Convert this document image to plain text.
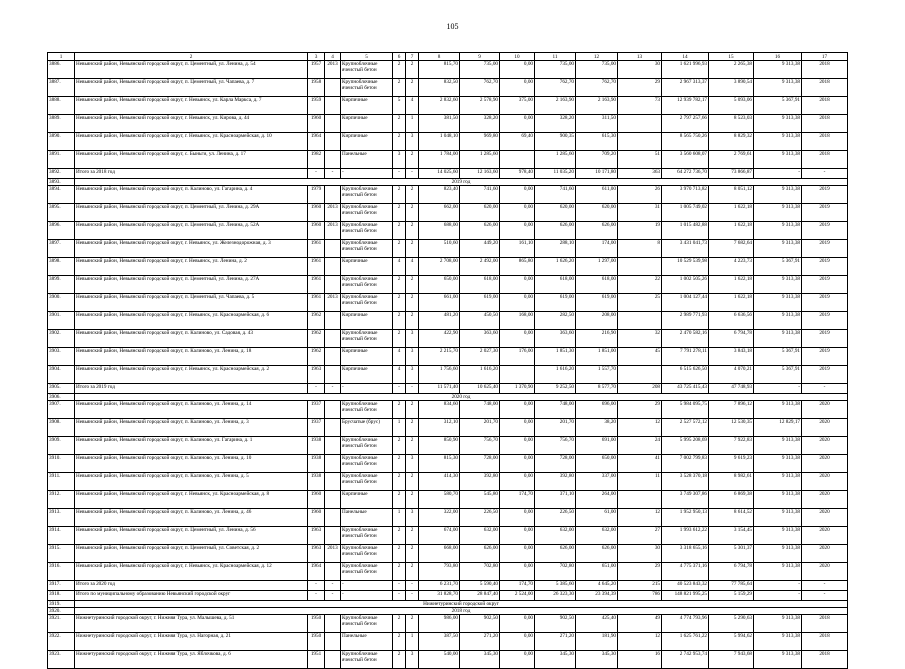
105
1	2	3	4	5	6	7	8	9	10	11	12	13	14	15	16	17
3886.	Невьянский район, Невьянский городской округ, п. Цементный, ул. Ленина, д. 54	1957	2013	Крупноблочные ячеистый бетон	2	2	815,70	735,00	0,00	735,00	735,00	30	1 621 996,93	2 265,38	9 313,38	2018
3887.	Невьянский район, Невьянский городской округ, п. Цементный, ул. Чапаева, д. 7	1958		Крупноблочные ячеистый бетон	2	2	832,50	762,70	0,00	762,70	762,70	29	2 967 313,37	3 890,54	9 313,38	2018
3888.	Невьянский район, Невьянский городской округ, г. Невьянск, ул. Карла Маркса, д. 7	1959		Кирпичные	5	4	2 832,60	2 578,90	375,00	2 163,90	2 163,90	73	12 939 782,17	5 093,06	5 367,91	2018
3889.	Невьянский район, Невьянский городской округ, г. Невьянск, ул. Кирова, д. 44	1960		Кирпичные	2	1	381,50	328,20	0,00	328,20	311,50		2 797 257,66	8 523,03	9 313,38	2018
3890.	Невьянский район, Невьянский городской округ, г. Невьянск, ул. Красноармейская, д. 10	1964		Кирпичные	2	3	1 048,10	969,80	69,40	900,35	615,30		8 565 750,26	8 829,32	9 313,38	2018
3891.	Невьянский район, Невьянский городской округ, с. Быньги, ул. Ленина, д. 17	1982		Панельные	3	2	1 784,00	1 285,60		1 285,60	709,20	51	3 560 608,07	2 769,61	9 313,38	2018
3892.	Итого за 2018 год	-	-	-	-	-	14 025,60	12 163,60	978,40	11 035,20	10 171,80	363	64 272 736,70	73 866,87	-	-
3893.	2019 год															
3894.	Невьянский район, Невьянский городской округ, п. Калиново, ул. Гагарина, д. 4	1979		Крупноблочные ячеистый бетон	2	2	823,40	741,60	0,00	741,60	611,00	26	3 970 713,82	8 051,12	9 313,38	2019
3895.	Невьянский район, Невьянский городской округ, п. Цементный, ул. Ленина, д. 29А	1960	2013	Крупноблочные ячеистый бетон	2	2	662,00	620,00	0,00	620,00	620,00	31	1 005 749,02	1 622,18	9 313,38	2019
3896.	Невьянский район, Невьянский городской округ, п. Цементный, ул. Ленина, д. 52А	1960	2013	Крупноблочные ячеистый бетон	2	2	688,00	626,00	0,00	626,00	626,00	19	1 015 482,88	1 622,18	9 313,38	2019
3897.	Невьянский район, Невьянский городской округ, г. Невьянск, ул. Железнодорожная, д. 3	1961		Крупноблочные ячеистый бетон	2	2	510,60	449,20	161,10	288,10	174,00	8	3 431 041,73	7 682,64	9 313,38	2019
3898.	Невьянский район, Невьянский городской округ, г. Невьянск, ул. Ленина, д. 2	1961		Кирпичные	4	4	2 708,00	2 492,00	865,80	1 626,20	1 297,00		10 529 539,98	4 223,73	5 367,91	2019
3899.	Невьянский район, Невьянский городской округ, п. Цементный, ул. Ленина, д. 27А	1961		Крупноблочные ячеистый бетон	2	2	650,00	618,00	0,00	618,00	618,00	22	1 002 505,26	1 622,18	9 313,38	2019
3900.	Невьянский район, Невьянский городской округ, п. Цементный, ул. Чапаева, д. 5	1961	2013	Крупноблочные ячеистый бетон	2	2	661,00	619,00	0,00	619,00	619,00	25	1 004 127,44	1 622,18	9 313,38	2019
3901.	Невьянский район, Невьянский городской округ, г. Невьянск, ул. Красноармейская, д. 6	1962		Кирпичные	2	2	481,20	450,50	168,00	282,50	208,00		2 989 771,93	6 636,56	9 313,38	2019
3902.	Невьянский район, Невьянский городской округ, п. Калиново, ул. Садовая, д. 43	1962		Крупноблочные ячеистый бетон	2	3	422,90	363,60	0,00	363,60	216,90	32	2 470 582,16	6 794,78	9 313,38	2019
3903.	Невьянский район, Невьянский городской округ, п. Калиново, ул. Ленина, д. 18	1962		Кирпичные	4	3	2 215,70	2 027,30	176,00	1 851,30	1 851,00	45	7 791 278,11	3 843,18	5 367,91	2019
3904.	Невьянский район, Невьянский городской округ, г. Невьянск, ул. Красноармейская, д. 2	1963		Кирпичные	4	3	1 756,60	1 616,20		1 616,20	1 557,70		6 515 626,50	4 070,21	5 367,91	2019
3905.	Итого за 2019 год	-	-	-	-	-	11 571,40	10 625,40	1 370,90	9 252,50	8 577,70	208	43 725 415,43	47 748,93	-	-
3906.	2020 год															
3907.	Невьянский район, Невьянский городской округ, п. Калиново, ул. Ленина, д. 14	1937		Крупноблочные ячеистый бетон	2	2	834,60	748,00	0,00	748,00	696,00	29	5 984 095,75	7 896,12	9 313,38	2020
3908.	Невьянский район, Невьянский городской округ, п. Калиново, ул. Ленина, д. 3	1937		Брусчатые (брус)	1	2	312,10	201,70	0,00	201,70	38,20	12	2 527 572,12	12 530,35	12 829,17	2020
3909.	Невьянский район, Невьянский городской округ, п. Калиново, ул. Гагарина, д. 1	1938		Крупноблочные ячеистый бетон	2	2	850,90	756,70	0,00	756,70	691,00	24	5 995 208,69	7 922,83	9 313,38	2020
3910.	Невьянский район, Невьянский городской округ, п. Калиново, ул. Ленина, д. 10	1938		Крупноблочные ячеистый бетон	2	3	815,30	728,00	0,00	728,00	650,00	41	7 002 799,83	9 619,23	9 313,38	2020
3911.	Невьянский район, Невьянский городской округ, п. Калиново, ул. Ленина, д. 5	1938		Крупноблочные ячеистый бетон	2	2	414,30	392,80	0,00	392,80	337,00	11	3 528 370,18	8 982,61	9 313,38	2020
3912.	Невьянский район, Невьянский городской округ, г. Невьянск, ул. Красноармейская, д. 8	1960		Кирпичные	2	2	580,70	545,80	174,70	371,10	264,00		3 749 307,86	6 869,38	9 313,38	2020
3913.	Невьянский район, Невьянский городской округ, п. Калиново, ул. Ленина, д. 46	1960		Панельные	1	3	322,00	226,50	0,00	226,50	61,00	12	1 952 950,13	8 614,52	9 313,38	2020
3914.	Невьянский район, Невьянский городской округ, п. Цементный, ул. Ленина, д. 56	1963		Крупноблочные ячеистый бетон	2	2	674,00	632,00	0,00	632,00	632,00	27	1 993 612,22	3 154,45	9 313,38	2020
3915.	Невьянский район, Невьянский городской округ, п. Цементный, ул. Советская, д. 2	1963	2013	Крупноблочные ячеистый бетон	2	2	668,00	626,00	0,00	626,00	626,00	30	3 318 655,16	5 301,37	9 313,38	2020
3916.	Невьянский район, Невьянский городской округ, г. Невьянск, ул. Красноармейская, д. 12	1964		Крупноблочные ячеистый бетон	2	2	793,80	702,80	0,00	702,80	651,00	29	4 775 371,16	6 794,78	9 313,38	2020
3917.	Итого за 2020 год	-	-	-	-	-	6 231,70	5 590,40	174,70	5 385,60	4 645,20	215	40 523 843,32	77 785,64	-	-
3918.	Итого по муниципальному образованию Невьянский городской округ	-	-	-	-	-	31 828,70	28 847,40	2 524,00	26 323,30	23 394,39	786	148 821 995,25	5 159,29	-	-
3919.	Нижнетуринский городской округ															
3920.	2018 год															
3921.	Нижнетуринский городской округ, г. Нижняя Тура, ул. Малышева, д. 51	1950		Крупноблочные ячеистый бетон	2	2	986,00	902,50	0,00	902,50	425,40	49	4 774 793,96	5 290,63	9 313,38	2018
3922.	Нижнетуринский городской округ, г. Нижняя Тура, ул. Нагорная, д. 21	1950		Панельные	2	1	387,50	271,20	0,00	271,20	181,90	12	1 625 761,22	5 994,62	9 313,38	2018
3923.	Нижнетуринский городской округ, г. Нижняя Тура, ул. Яблочкова, д. 6	1951		Крупноблочные ячеистый бетон	2	3	540,00	345,30	0,00	345,30	345,30	16	2 742 953,74	7 943,68	9 313,38	2018
